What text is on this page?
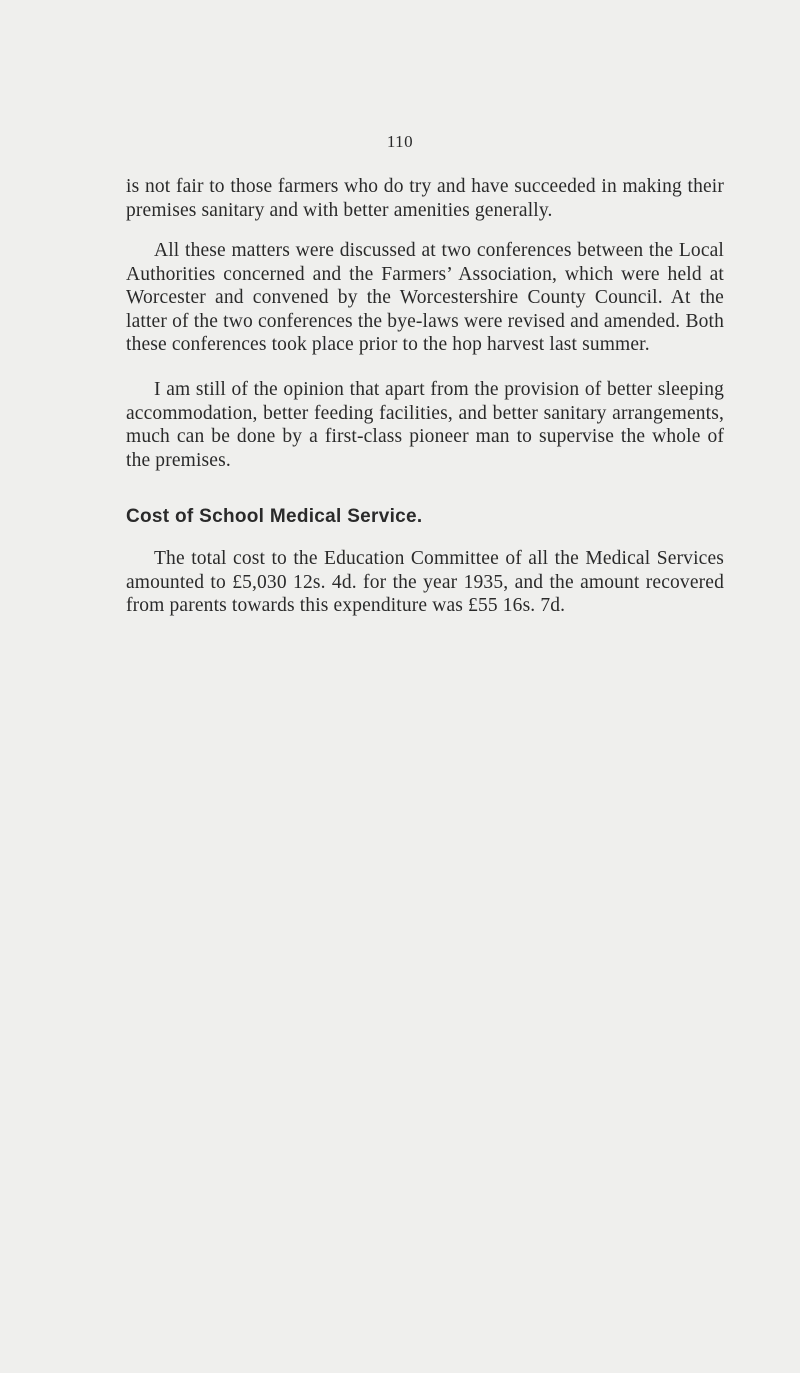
110

is not fair to those farmers who do try and have succeeded in making their premises sanitary and with better amenities generally.

All these matters were discussed at two conferences between the Local Authorities concerned and the Farmers’ Association, which were held at Worcester and convened by the Worcestershire County Council. At the latter of the two conferences the bye-laws were revised and amended. Both these conferences took place prior to the hop harvest last summer.

I am still of the opinion that apart from the provision of better sleeping accommodation, better feeding facilities, and better sanitary arrangements, much can be done by a first-class pioneer man to supervise the whole of the premises.

Cost of School Medical Service.

The total cost to the Education Committee of all the Medical Services amounted to £5,030 12s. 4d. for the year 1935, and the amount recovered from parents towards this expenditure was £55 16s. 7d.
